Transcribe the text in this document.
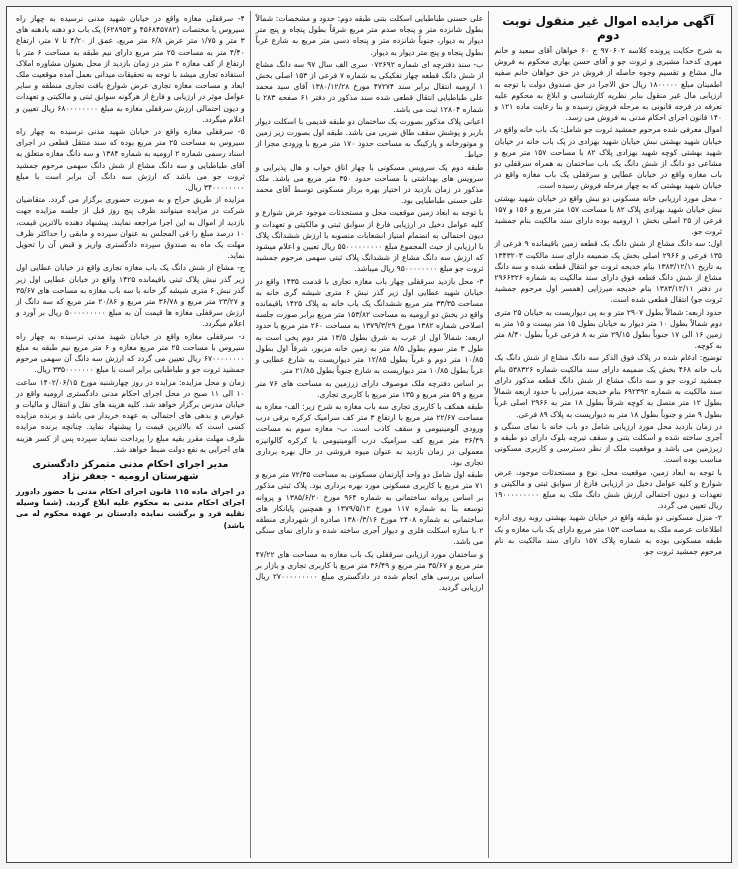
آگهی مزایده اموال غیر منقول نوبت دوم

به شرح حکایت پرونده کلاسه ۹۷۰۶۰۲ ج ۶۰ خواهان آقای سعید و خانم مهری کدخدا مشیری و ثروت جو و آقای حسن بهاری محکوم به فروش مال مشاع و تقسیم وجوه حاصله از فروش در حق خواهان خانم صفیه اطمینان مبلغ ۱۸۰۰۰۰۰ ریال حق الاجرا در حق صندوق دولت با توجه به ارزیابی مال غیر منقول بنابر نظریه کارشناسی و ابلاغ به محکوم علیه تعرفه در فرجه قانونی به مرحله فروش رسیده و بنا رعایت ماده ۱۲۱ و ۱۴۰ قانون اجرای احکام مدنی به فروش می رسد.

اموال معرفی شده مرحوم جمشید ثروت جو شامل: یک باب خانه واقع در خیابان شهید بهشتی نبش خیابان شهید بهزادی در یک باب خانه در خیابان شهید بهشتی کوچه شهید بهزادی پلاک ۸۲ با مساحت ۱۵۷ متر مربع و مشاعی دو دانگ از شش دانگ یک باب ساختمان به همراه سرقفلی دو باب مغازه واقع در خیابان عطایی و سرقفلی یک باب مغازه واقع در خیابان شهید بهشتی که به چهار مرحله فروش رسیده است.

- محل مورد ارزیابی خانه مسکونی دو نبش واقع در خیابان شهید بهشتی نبش خیابان شهید بهزادی پلاک ۸۲ با مساحت ۱۵۷ متر مربع و ۱۵۶ و ۱۵۷ فرعی از ۲۵ اصلی بخش ۱ ارومیه بوده دارای سند مالکیت بنام جمشید ثروت جو.

اول: سه دانگ مشاع از شش دانگ یک قطعه زمین باقیمانده ۹ فرعی از ۱۳۵ فرعی و ۲۹۶۶ اصلی بخش یک ضمیمه دارای سند مالکیت ۱۳۴۳۲۰۳ به تاریخ ۱۳۸۳/۱۲/۱۱ بنام خدیجه ثروت جو انتقال قطعه شده و سه دانگ مشاع از شش دانگ قطعه فوق دارای سند مالکیت به شماره ۲۹۶۶۳۲۶ در دفتر ۱۳۸۳/۱۲/۱۱ بنام خدیجه میرزایی (همسر اول مرحوم جمشید ثروت جو) انتقال قطعی شده است.

حدود اربعه: شمالاً بطول ۲۹۰۷ متر و به پی دیواریست به خیابان ۲۵ متری دوم شمالاً بطول ۱۰ متر دیوار به خیابان بطول ۱۵ متر بیست و ۱۵ متر به زمین ۱۶ الی ۱۷ جنوباً بطول ۲۹/۱۵ متر به ۸ فرعی غرباً بطول ۸/۴۰ متر به کوچه.

توضیح: ادغام شده در پلاک فوق الذکر سه دانگ مشاع از شش دانگ یک باب خانه ۴۶۸ بخش یک ضمیمه دارای سند مالکیت شماره ۵۳۸۳۲۶ بنام جمشید ثروت جو و سه دانگ مشاع از شش دانگ قطعه مذکور دارای سند مالکیت به شماره ۶۹۲۳۹۲ بنام خدیجه میرزایی با حدود اربعه شمالاً بطول ۱۲ متر متصل به کوچه شرقاً بطول ۱۸ متر به ۲۹۶۶ اصلی غرباً بطول ۹ متر و جنوباً بطول ۱۸ متر به دیواریست به پلاک ۸۹ فرعی.

در زمان بازدید محل مورد ارزیابی شامل دو باب خانه با نمای سنگی و آجری ساخته شده و اسکلت بتنی و سقف تیرچه بلوک دارای دو طبقه و زیرزمین می باشد و موقعیت ملک از نظر دسترسی و کاربری مسکونی مناسب بوده است.

با توجه به ابعاد زمین، موقعیت محل، نوع و مستحدثات موجود، عرض شوارع و کلیه عوامل دخیل در ارزیابی فارغ از سوابق ثبتی و مالکیتی و تعهدات و دیون احتمالی ارزش شش دانگ ملک به مبلغ ۱۹۰۰۰۰۰۰۰۰۰ ریال تعیین می گردد.

۲- منزل مسکونی دو طبقه واقع در خیابان شهید بهشتی روبه روی اداره اطلاعات عرصه ملک به مساحت ۱۵۳ متر مربع دارای یک باب مغازه و یک طبقه مسکونی بوده به شماره پلاک ۱۵۷ دارای سند مالکیت به نام مرحوم جمشید ثروت جو.

علی حسنی طباطبایی اسکلت بتنی طبقه دوم: حدود و مشخصات: شمالاً بطول شانزده متر و پنجاه صدم متر مربع شرقاً بطول پنجاه و پنج متر دیوار به دیوار، جنوباً شانزده متر و پنجاه دسی متر مربع به شارع غرباً بطول پنجاه و پنج متر دیوار به دیوار.

ب- سند دفترچه ای شماره ۰۷۲۶۹۲ سری الف سال ۹۷ سه دانگ مشاع از شش دانگ قطعه چهار تفکیکی به شماره ۷ فرعی از ۱۵۳ اصلی بخش ۱ ارومیه انتقال برابر سند ۴۷۲۷۴ مورخ ۱۳۸۰/۱۲/۲۸ آقای سید محمد علی طباطبایی انتقال قطعی شده سند مذکور در دفتر ۶۱ صفحه ۲۸۳ با شماره ۱۲۸۰۴ ثبت می باشد.

اعیانی پلاک مذکور بصورت یک ساختمان دو طبقه قدیمی با اسکلت دیوار باربر و پوشش سقف طاق ضربی می باشد. طبقه اول بصورت زیر زمین و موتورخانه و پارکینگ به مساحت حدود ۱۷۰ متر مربع با ورودی مجزا از حیاط.

طبقه دوم یک سرویس مسکونی با چهار اتاق خواب و هال پذیرایی و سرویس های بهداشتی با مساحت حدود ۳۵۰ متر مربع می باشد. ملک مذکور در زمان بازدید در اختیار بهره بردار مسکونی توسط آقای محمد علی حسنی طباطبایی بود.

با توجه به ابعاد زمین موقعیت محل و مستحدثات موجود عرض شوارع و کلیه عوامل دخیل در ارزیابی فارغ از سوابق ثبتی و مالکیتی و تعهدات و دیون احتمالی به انضمام امتیاز انشعابات منصوبه با ارزش ششدانگ پلاک با ارزیابی از حیث المجموع مبلغ ۵۵۰۰۰۰۰۰۰۰۰ ریال تعیین و اعلام میشود که ارزش سه دانگ مشاع از ششدانگ پلاک ثبتی سهمی مرحوم جمشید ثروت جو مبلغ ۹۵۰۰۰۰۰۰۰۰ ریال میباشد.

۳- محل بازدید سرقفلی چهار باب مغازه تجاری با قدمت ۱۴۳۵ واقع در خیابان شهید عطایی اول زیر گذر نبش ۶ متری شیشه گری خانه به مساحت ۳۳/۳۵ متر مربع ششدانگ یک باب خانه به پلاک ۱۴۲۵ باقیمانده واقع در بخش دو ارومیه به مساحت ۱۵۳/۸۲ متر مربع برابر صورت جلسه اصلاحی شماره ۱۳۸۲ مورخ ۱۳۷۹/۳/۲۹ به مساحت ۲۶۰ متر مربع با حدود اربعه: شمالاً اول از غرب به شرق بطول ۱۳/۵ متر دوم پخی است به طول ۳ متر سوم بطول ۸/۵ متر به زمین خانه مزبور، شرقاً اول بطول ۱۰/۸۵ متر دوم و غرباً بطول ۱۲/۸۵ متر دیواریست به شارع عطایی و غرباً بطول ۱۰/۸۵ متر دیواریست به شارع جنوباً بطول ۲۱/۸۵ متر.

بر اساس دفترچه ملک موصوف دارای زرزمین به مساحت های ۷۶ متر مربع و ۵۹ متر مربع و ۱۳۵ متر مربع با کاربری تجاری.

طبقه همکف با کاربری تجاری سه باب مغازه به شرح زیر: الف- مغازه به مساحت ۲۲/۶۷ متر مربع با ارتفاع ۳ متر کف سرامیک کرکره برقی درب ورودی آلومینیومی و سقف کاذب است. ب- مغازه سوم به مساحت ۳۶/۴۹ متر مربع کف سرامیک درب آلومینیومی با کرکره گالوانیزه معمولی در زمان بازدید به عنوان میوه فروشی در حال بهره برداری تجاری بود.

طبقه اول شامل دو واحد آپارتمان مسکونی به مساحت ۷۲/۳۵ متر مربع و ۷۱ متر مربع با کاربری مسکونی مورد بهره برداری بود. پلاک ثبتی مذکور بر اساس پروانه ساختمانی به شماره ۹۶۴ مورخ ۱۳۸۵/۶/۲۰ و پروانه توسعه بنا به شماره ۱۱۷ مورخ ۱۳۷۹/۵/۱۲ و همچنین پایانکار های ساختمانی به شماره ۲۴۰۸ مورخ ۱۳۸۰/۳/۱۶ صادره از شهرداری منطقه ۲ با سازه اسکلت فلزی و دیوار آجری ساخته شده و دارای نمای سنگی می باشد.

و ساختمان مورد ارزیابی سرقفلی یک باب مغازه به مساحت های ۴۷/۲۲ متر مربع و ۳۵/۶۷ متر مربع و ۳۶/۴۹ متر مربع با کاربری تجاری و بازار بر اساس بررسی های انجام شده در دادگستری مبلغ ۲۷۰۰۰۰۰۰۰۰۰ ریال ارزیابی گردید.

۴- سرقفلی مغازه واقع در خیابان شهید مدنی نرسیده به چهار راه سیروس با مختصات (۴۵۶۸۴۵۷۸۲ و ۶۲۸۹۵۳) یک باب دو دهنه بادهنه های ۳ متر و ۱/۷۵ متر عرض ۶/۸ متر مربع، عمق از ۴/۲۰ تا ۷ متر، ارتفاع ۴/۴۰ متر به مساحت ۲۵ متر مربع دارای نیم طبقه به مساحت ۶ متر با ارتفاع از کف مغازه ۲ متر در زمان بازدید از محل بعنوان مشاوره املاک استفاده تجاری میشد با توجه به تحقیقات میدانی بعمل آمده موقعیت ملک ابعاد و مساحت مغازه تجاری عرض شوارع بافت تجاری منطقه و سایر عوامل موثر در ارزیابی و فارغ از هرگونه سوابق ثبتی و مالکیتی و تعهدات و دیون احتمالی ارزش سرقفلی مغازه به مبلغ ۶۸۰۰۰۰۰۰۰۰ ریال تعیین و اعلام میگردد.

۵- سرقفلی مغازه واقع در خیابان شهید مدنی نرسیده به چهار راه سیروس به مساحت ۲۵ متر مربع بوده که سند منتقل قطعی در اجرای اسناد رسمی شماره ۲ ارومیه به شماره ۱۳۸۴ و سه دانگ مغازه متعلق به آقای طباطبایی و سه دانگ مشاع از شش دانگ سهمی مرحوم جمشید ثروت جو می باشد که ارزش سه دانگ آن برابر است با مبلغ ۳۴۰۰۰۰۰۰۰۰ ریال.

مزایده از طریق حراج و به صورت حضوری برگزار می گردد. متقاضیان شرکت در مزایده میتوانند ظرف پنج روز قبل از جلسه مزایده جهت بازدید از اموال به این اجرا مراجعه نمایند. پیشنهاد دهنده بالاترین قیمت، ۱۰ درصد مبلغ را فی المجلس به عنوان سپرده و مابقی را حداکثر ظرف مهلت یک ماه به صندوق سپرده دادگستری واریز و قبض آن را تحویل نماید.

ج- مشاع از شش دانگ یک باب مغازه تجاری واقع در خیابان عطایی اول زیر گذر نبش پلاک ثبتی باقیمانده ۱۴۲۵ واقع در خیابان عطایی اول زیر گذر نبش ۶ متری شیشه گر خانه با سه باب مغازه به مساحت های ۳۵/۶۷ و ۲۳/۲۷ متر مربع و ۳۶/۷۸ متر مربع و ۲۰/۸۶ متر مربع که سه دانگ از ارزش سرقفلی مغازه ها قیمت آن به مبلغ ۵۰۰۰۰۰۰۰۰۰ ریال بر آورد و اعلام میگردد.

د- سرقفلی مغازه واقع در خیابان شهید مدنی نرسیده به چهار راه سیروس با مساحت ۲۵ متر مربع مغازه و ۶ متر مربع نیم طبقه به مبلغ ۶۷۰۰۰۰۰۰۰۰ ریال تعیین می گردد که ارزش سه دانگ آن سهمی مرحوم جمشید ثروت جو و طباطبایی برابر است با مبلغ ۳۳۵۰۰۰۰۰۰۰ ریال.

زمان و محل مزایده: مزایده در روز چهارشنبه مورخ ۱۴۰۲/۰۶/۱۵ ساعت ۱۰ الی ۱۱ صبح در محل اجرای احکام مدنی دادگستری ارومیه واقع در خیابان مدرس برگزار خواهد شد. کلیه هزینه های نقل و انتقال و مالیات و عوارض و بدهی های احتمالی به عهده خریدار می باشد و برنده مزایده کسی است که بالاترین قیمت را پیشنهاد نماید. چنانچه برنده مزایده ظرف مهلت مقرر بقیه مبلغ را پرداخت ننماید سپرده پس از کسر هزینه های اجرایی به نفع دولت ضبط خواهد شد.

مدیر اجرای احکام مدنی متمرکز دادگستری شهرستان ارومیه - جعفر نژاد

در اجرای ماده ۱۱۵ قانون اجرای احکام مدنی با حضور دادورز اجرای احکام مدنی به محکوم علیه ابلاغ گردید. (شما وسیله نقلیه فرد و برگشت نمایده دادستان بر عهده محکوم له می باشد)
